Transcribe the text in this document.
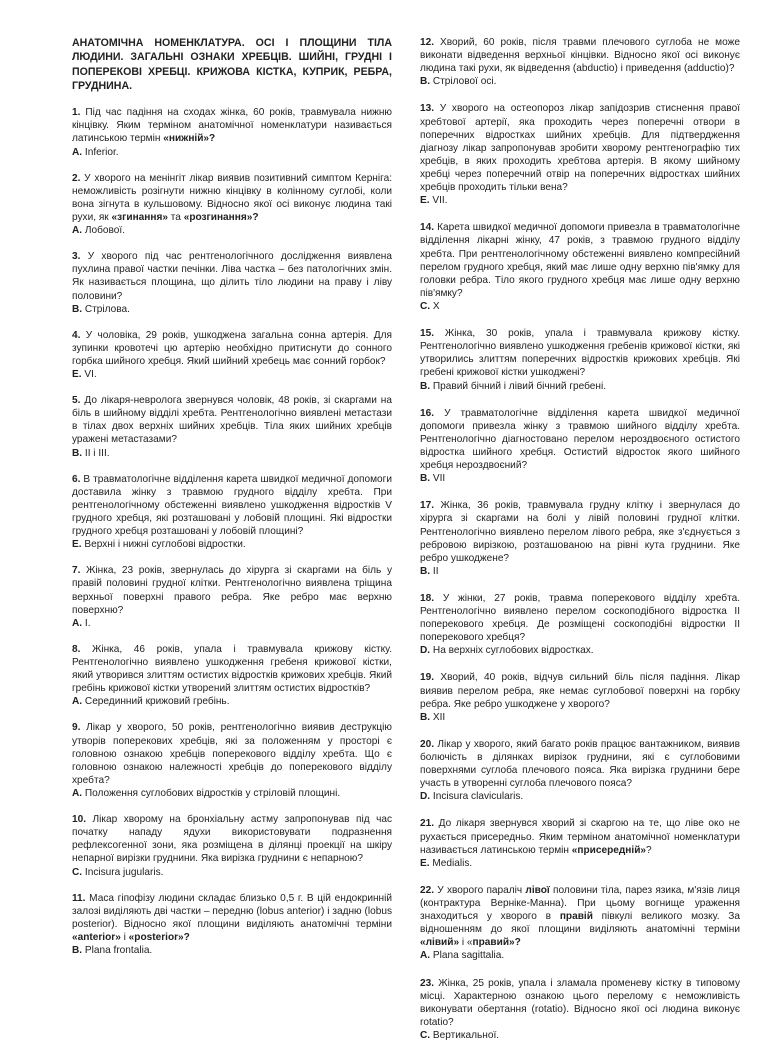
АНАТОМІЧНА НОМЕНКЛАТУРА. ОСІ І ПЛОЩИНИ ТІЛА ЛЮДИНИ. ЗАГАЛЬНІ ОЗНАКИ ХРЕБЦІВ. ШИЙНІ, ГРУДНІ І ПОПЕРЕКОВІ ХРЕБЦІ. КРИЖОВА КІСТКА, КУПРИК, РЕБРА, ГРУДНИНА.
1. Під час падіння на сходах жінка, 60 років, травмувала нижню кінцівку. Яким терміном анатомічної номенклатури називається латинською термін «нижній»?
A. Inferior.
2. У хворого на менінгіт лікар виявив позитивний симптом Керніга: неможливість розігнути нижню кінцівку в колінному суглобі, коли вона зігнута в кульшовому. Відносно якої осі виконує людина такі рухи, як «згинання» та «розгинання»?
A. Лобової.
3. У хворого під час рентгенологічного дослідження виявлена пухлина правої частки печінки. Ліва частка – без патологічних змін. Як називається площина, що ділить тіло людини на праву і ліву половини?
B. Стрілова.
4. У чоловіка, 29 років, ушкоджена загальна сонна артерія. Для зупинки кровотечі цю артерію необхідно притиснути до сонного горбка шийного хребця. Який шийний хребець має сонний горбок?
E. VI.
5. До лікаря-невролога звернувся чоловік, 48 років, зі скаргами на біль в шийному відділі хребта. Рентгенологічно виявлені метастази в тілах двох верхніх шийних хребців. Тіла яких шийних хребців уражені метастазами?
B. II і III.
6. В травматологічне відділення карета швидкої медичної допомоги доставила жінку з травмою грудного відділу хребта. При рентгенологічному обстеженні виявлено ушкодження відростків V грудного хребця, які розташовані у лобовій площині. Які відростки грудного хребця розташовані у лобовій площині?
E. Верхні і нижні суглобові відростки.
7. Жінка, 23 років, звернулась до хірурга зі скаргами на біль у правій половині грудної клітки. Рентгенологічно виявлена тріщина верхньої поверхні правого ребра. Яке ребро має верхню поверхню?
A. I.
8. Жінка, 46 років, упала і травмувала крижову кістку. Рентгенологічно виявлено ушкодження гребеня крижової кістки, який утворився злиттям остистих відростків крижових хребців. Який гребінь крижової кістки утворений злиттям остистих відростків?
A. Серединний крижовий гребінь.
9. Лікар у хворого, 50 років, рентгенологічно виявив деструкцію утворів поперекових хребців, які за положенням у просторі є головною ознакою хребців поперекового відділу хребта. Що є головною ознакою належності хребців до поперекового відділу хребта?
A. Положення суглобових відростків у стріловій площині.
10. Лікар хворому на бронхіальну астму запропонував під час початку нападу ядухи використовувати подразнення рефлексогенної зони, яка розміщена в ділянці проекції на шкіру непарної вирізки груднини. Яка вирізка груднини є непарною?
C. Incisura jugularis.
11. Маса гіпофізу людини складає близько 0,5 г. В цій ендокринній залозі виділяють дві частки – передню (lobus anterior) і задню (lobus posterior). Відносно якої площини виділяють анатомічні терміни «anterior» і «posterior»?
B. Plana frontalia.
12. Хворий, 60 років, після травми плечового суглоба не може виконати відведення верхньої кінцівки. Відносно якої осі виконує людина такі рухи, як відведення (abductio) і приведення (adductio)?
B. Стрілової осі.
13. У хворого на остеопороз лікар запідозрив стиснення правої хребтової артерії, яка проходить через поперечні отвори в поперечних відростках шийних хребців. Для підтвердження діагнозу лікар запропонував зробити хворому рентгенографію тих хребців, в яких проходить хребтова артерія. В якому шийному хребці через поперечний отвір на поперечних відростках шийних хребців проходить тільки вена?
E. VII.
14. Карета швидкої медичної допомоги привезла в травматологічне відділення лікарні жінку, 47 років, з травмою грудного відділу хребта. При рентгенологічному обстеженні виявлено компресійний перелом грудного хребця, який має лише одну верхню пів'ямку для головки ребра. Тіло якого грудного хребця має лише одну верхню пів'ямку?
C. X
15. Жінка, 30 років, упала і травмувала крижову кістку. Рентгенологічно виявлено ушкодження гребенів крижової кістки, які утворились злиттям поперечних відростків крижових хребців. Які гребені крижової кістки ушкоджені?
B. Правий бічний і лівий бічний гребені.
16. У травматологічне відділення карета швидкої медичної допомоги привезла жінку з травмою шийного відділу хребта. Рентгенологічно діагностовано перелом нероздвоєного остистого відростка шийного хребця. Остистий відросток якого шийного хребця нероздвоєний?
B. VII
17. Жінка, 36 років, травмувала грудну клітку і звернулася до хірурга зі скаргами на болі у лівій половині грудної клітки. Рентгенологічно виявлено перелом лівого ребра, яке з'єднується з ребровою вирізкою, розташованою на рівні кута груднини. Яке ребро ушкоджене?
B. II
18. У жінки, 27 років, травма поперекового відділу хребта. Рентгенологічно виявлено перелом соскоподібного відростка II поперекового хребця. Де розміщені соскоподібні відростки II поперекового хребця?
D. На верхніх суглобових відростках.
19. Хворий, 40 років, відчув сильний біль після падіння. Лікар виявив перелом ребра, яке немає суглобової поверхні на горбку ребра. Яке ребро ушкоджене у хворого?
B. XII
20. Лікар у хворого, який багато років працює вантажником, виявив болючість в ділянках вирізок груднини, які є суглобовими поверхнями суглоба плечового пояса. Яка вирізка груднини бере участь в утворенні суглоба плечового пояса?
D. Incisura clavicularis.
21. До лікаря звернувся хворий зі скаргою на те, що ліве око не рухається присередньо. Яким терміном анатомічної номенклатури називається латинською термін «присередній»?
E. Medialis.
22. У хворого параліч лівої половини тіла, парез язика, м'язів лиця (контрактура Верніке-Манна). При цьому вогнище ураження знаходиться у хворого в правій півкулі великого мозку. За відношенням до якої площини виділяють анатомічні терміни «лівий» і «правий»?
A. Plana sagittalia.
23. Жінка, 25 років, упала і зламала променеву кістку в типовому місці. Характерною ознакою цього перелому є неможливість виконувати обертання (rotatio). Відносно якої осі людина виконує rotatio?
C. Вертикальної.
